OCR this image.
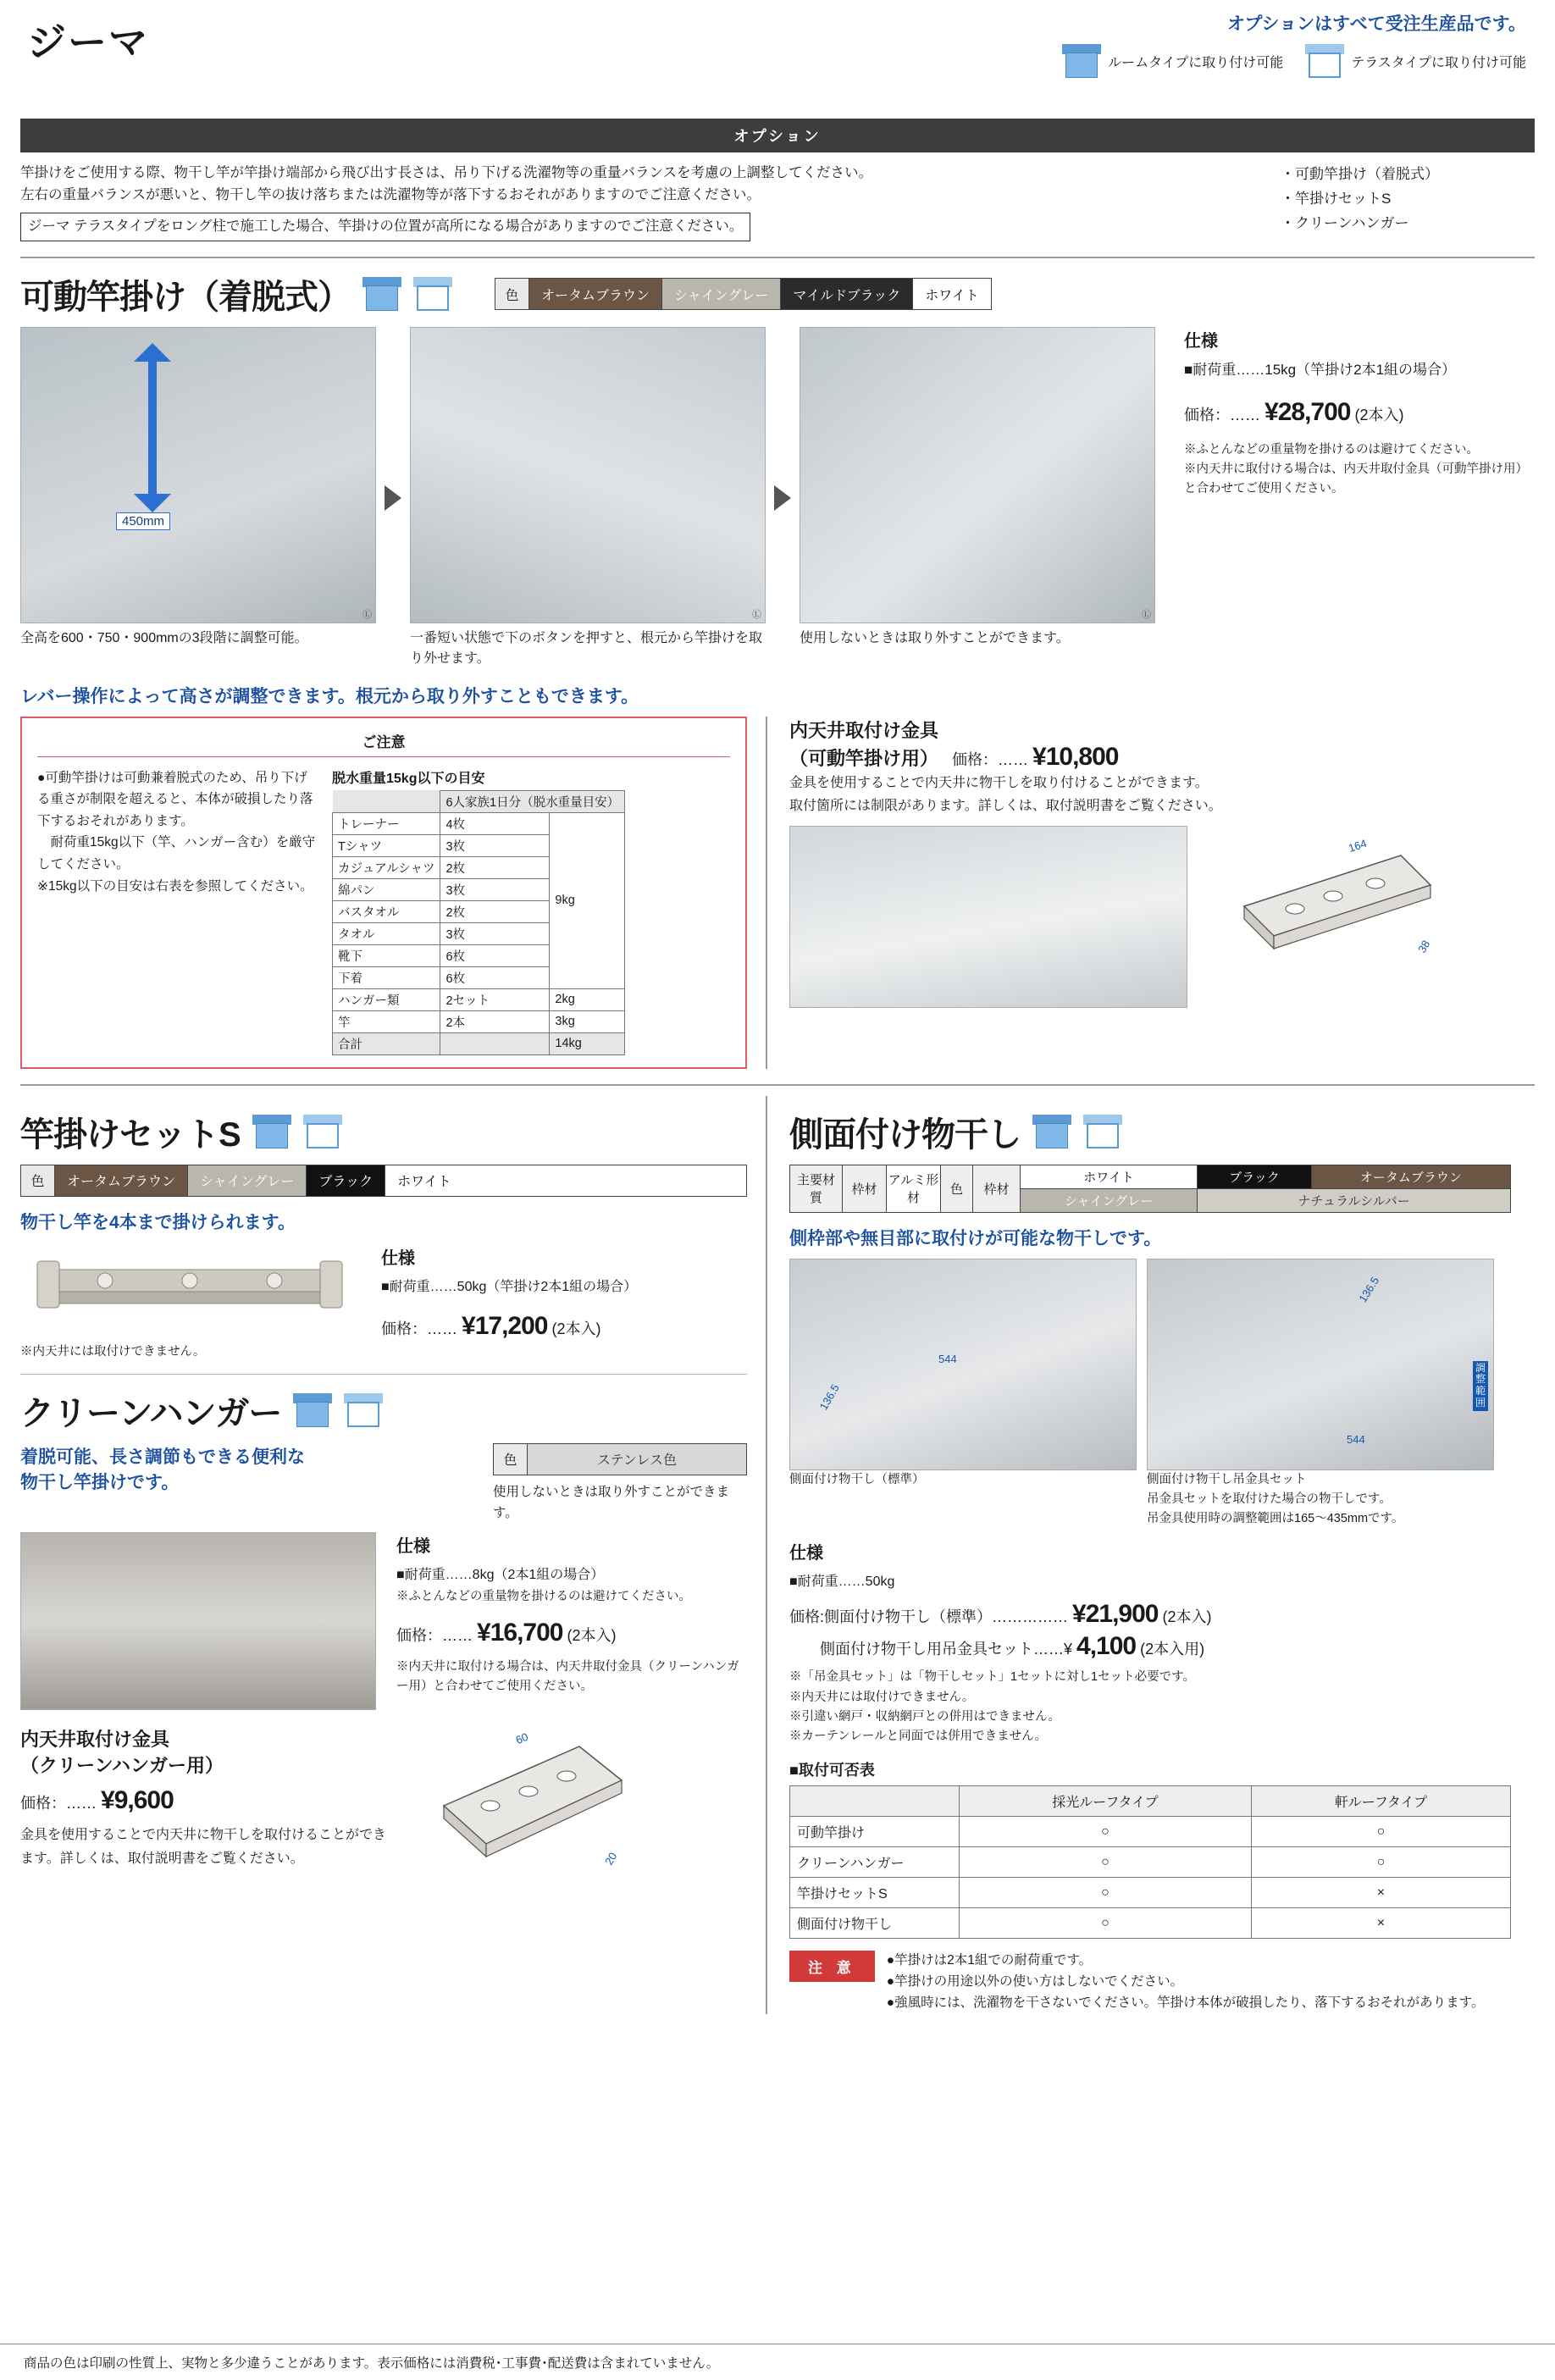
ジーマ	オプションはすべて受注生産品です。
ルームタイプに取り付け可能	テラスタイプに取り付け可能
オプション
竿掛けをご使用する際、物干し竿が竿掛け端部から飛び出す長さは、吊り下げる洗濯物等の重量バランスを考慮の上調整してください。
左右の重量バランスが悪いと、物干し竿の抜け落ちまたは洗濯物等が落下するおそれがありますのでご注意ください。
ジーマ テラスタイプをロング柱で施工した場合、竿掛けの位置が高所になる場合がありますのでご注意ください。
・可動竿掛け（着脱式）
・竿掛けセットS
・クリーンハンガー
可動竿掛け（着脱式）	色	オータムブラウン	シャイングレー	マイルドブラック	ホワイト
450mm
Ⓛ
全高を600・750・900mmの3段階に調整可能。
Ⓛ
一番短い状態で下のボタンを押すと、根元から竿掛けを取り外せます。
Ⓛ
使用しないときは取り外すことができます。
仕様
■耐荷重……15kg（竿掛け2本1組の場合）
価格：…… ¥28,700 (2本入)
※ふとんなどの重量物を掛けるのは避けてください。
※内天井に取付ける場合は、内天井取付金具（可動竿掛け用）と合わせてご使用ください。
レバー操作によって高さが調整できます。根元から取り外すこともできます。
ご注意
●可動竿掛けは可動兼着脱式のため、吊り下げる重さが制限を超えると、本体が破損したり落下するおそれがあります。
　耐荷重15kg以下（竿、ハンガー含む）を厳守してください。
※15kg以下の目安は右表を参照してください。
脱水重量15kg以下の目安
	6人家族1日分（脱水重量目安）	
トレーナー	4枚	9kg
Tシャツ	3枚	
カジュアルシャツ	2枚	
綿パン	3枚	
バスタオル	2枚	
タオル	3枚	
靴下	6枚	
下着	6枚	
ハンガー類	2セット	2kg
竿	2本	3kg
合計		14kg
内天井取付け金具
（可動竿掛け用） 価格：…… ¥10,800
金具を使用することで内天井に物干しを取り付けることができます。
取付箇所には制限があります。詳しくは、取付説明書をご覧ください。
164
38
竿掛けセットS
色	オータムブラウン	シャイングレー	ブラック	ホワイト
物干し竿を4本まで掛けられます。
※内天井には取付けできません。
仕様
■耐荷重……50kg（竿掛け2本1組の場合）
価格：…… ¥17,200 (2本入)
クリーンハンガー
着脱可能、長さ調節もできる便利な
物干し竿掛けです。
色	ステンレス色
使用しないときは取り外すことができます。
仕様
■耐荷重……8kg（2本1組の場合）
※ふとんなどの重量物を掛けるのは避けてください。
価格：…… ¥16,700 (2本入)
※内天井に取付ける場合は、内天井取付金具（クリーンハンガー用）と合わせてご使用ください。
内天井取付け金具
（クリーンハンガー用）
価格：…… ¥9,600
金具を使用することで内天井に物干しを取付けることができます。詳しくは、取付説明書をご覧ください。
60
20
側面付け物干し
主要材質	枠材	アルミ形材	色	枠材	ホワイト	ブラック	オータムブラウン
					シャイングレー	ナチュラルシルバー	
側枠部や無目部に取付けが可能な物干しです。
136.5
544
側面付け物干し（標準）
136.5
544
調整範囲
側面付け物干し吊金具セット
吊金具セットを取付けた場合の物干しです。
吊金具使用時の調整範囲は165〜435mmです。
仕様
■耐荷重……50kg
価格:側面付け物干し（標準）…………… ¥21,900 (2本入)
側面付け物干し用吊金具セット……¥ 4,100 (2本入用)
※「吊金具セット」は「物干しセット」1セットに対し1セット必要です。
※内天井には取付けできません。
※引違い網戸・収納網戸との併用はできません。
※カーテンレールと同面では併用できません。
■取付可否表
	採光ルーフタイプ	軒ルーフタイプ
可動竿掛け	○	○
クリーンハンガー	○	○
竿掛けセットS	○	×
側面付け物干し	○	×
注 意	●竿掛けは2本1組での耐荷重です。
●竿掛けの用途以外の使い方はしないでください。
●強風時には、洗濯物を干さないでください。竿掛け本体が破損したり、落下するおそれがあります。
商品の色は印刷の性質上、実物と多少違うことがあります。表示価格には消費税･工事費･配送費は含まれていません。
